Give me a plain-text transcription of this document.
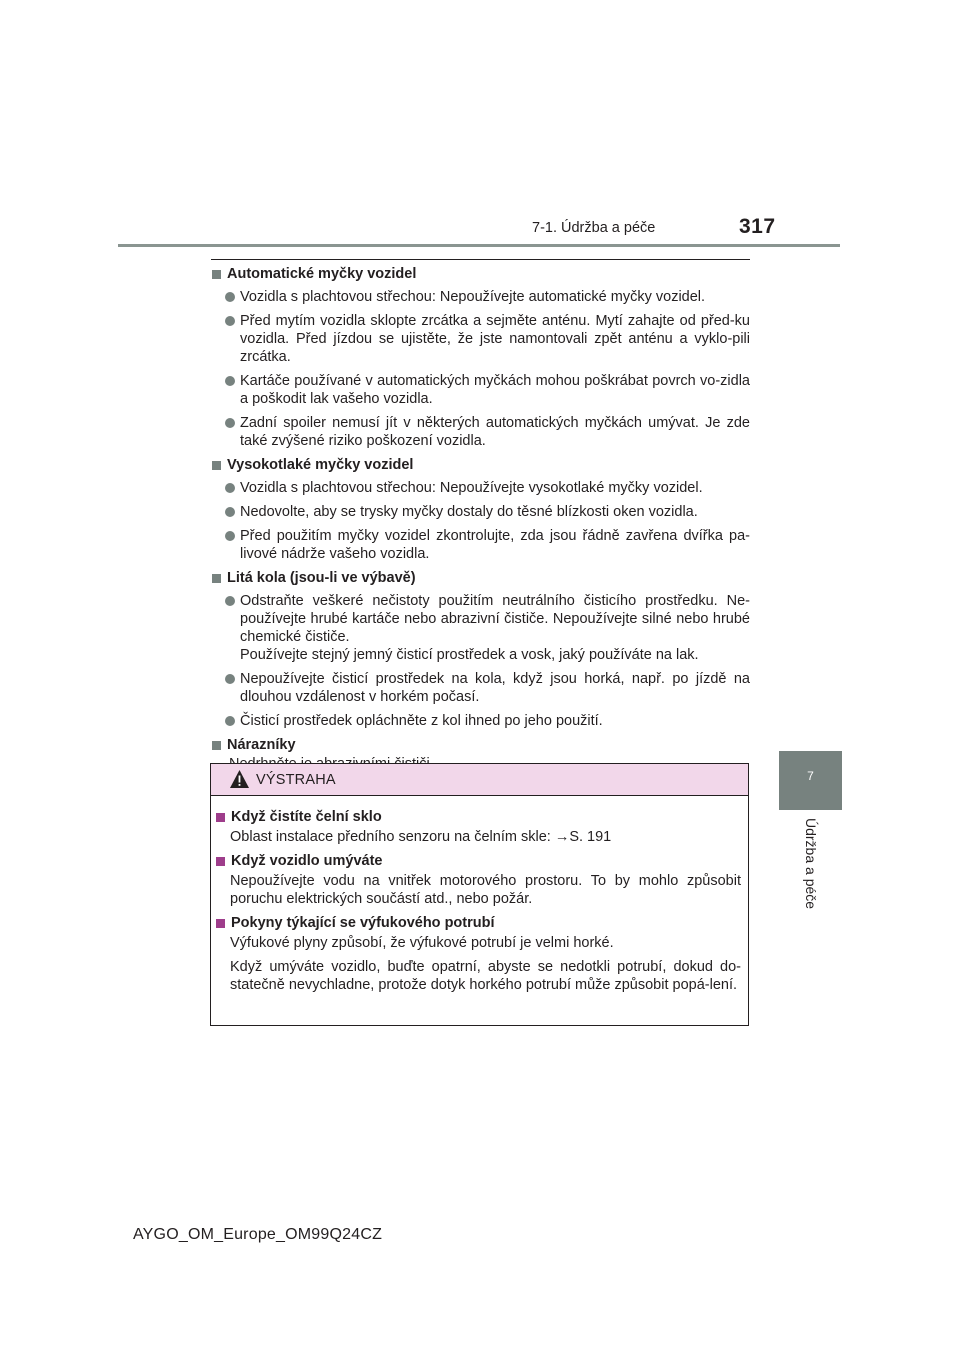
7-1. Údržba a péče	317
7
Údržba a péče
Automatické myčky vozidel
Vozidla s plachtovou střechou: Nepoužívejte automatické myčky vozidel.
Před mytím vozidla sklopte zrcátka a sejměte anténu. Mytí zahajte od před-ku vozidla. Před jízdou se ujistěte, že jste namontovali zpět anténu a vyklo-pili zrcátka.
Kartáče používané v automatických myčkách mohou poškrábat povrch vo-zidla a poškodit lak vašeho vozidla.
Zadní spoiler nemusí jít v některých automatických myčkách umývat. Je zde také zvýšené riziko poškození vozidla.
Vysokotlaké myčky vozidel
Vozidla s plachtovou střechou: Nepoužívejte vysokotlaké myčky vozidel.
Nedovolte, aby se trysky myčky dostaly do těsné blízkosti oken vozidla.
Před použitím myčky vozidel zkontrolujte, zda jsou řádně zavřena dvířka pa-livové nádrže vašeho vozidla.
Litá kola (jsou-li ve výbavě)
Odstraňte veškeré nečistoty použitím neutrálního čisticího prostředku. Ne-používejte hrubé kartáče nebo abrazivní čističe. Nepoužívejte silné nebo hrubé chemické čističe.
Používejte stejný jemný čisticí prostředek a vosk, jaký používáte na lak.
Nepoužívejte čisticí prostředek na kola, když jsou horká, např. po jízdě na dlouhou vzdálenost v horkém počasí.
Čisticí prostředek opláchněte z kol ihned po jeho použití.
Nárazníky
VÝSTRAHA
Když čistíte čelní sklo
Oblast instalace předního senzoru na čelním skle: →S. 191
Když vozidlo umýváte
Nepoužívejte vodu na vnitřek motorového prostoru. To by mohlo způsobit poruchu elektrických součástí atd., nebo požár.
Pokyny týkající se výfukového potrubí
Výfukové plyny způsobí, že výfukové potrubí je velmi horké.
Když umýváte vozidlo, buďte opatrní, abyste se nedotkli potrubí, dokud do-statečně nevychladne, protože dotyk horkého potrubí může způsobit popá-lení.
AYGO_OM_Europe_OM99Q24CZ
